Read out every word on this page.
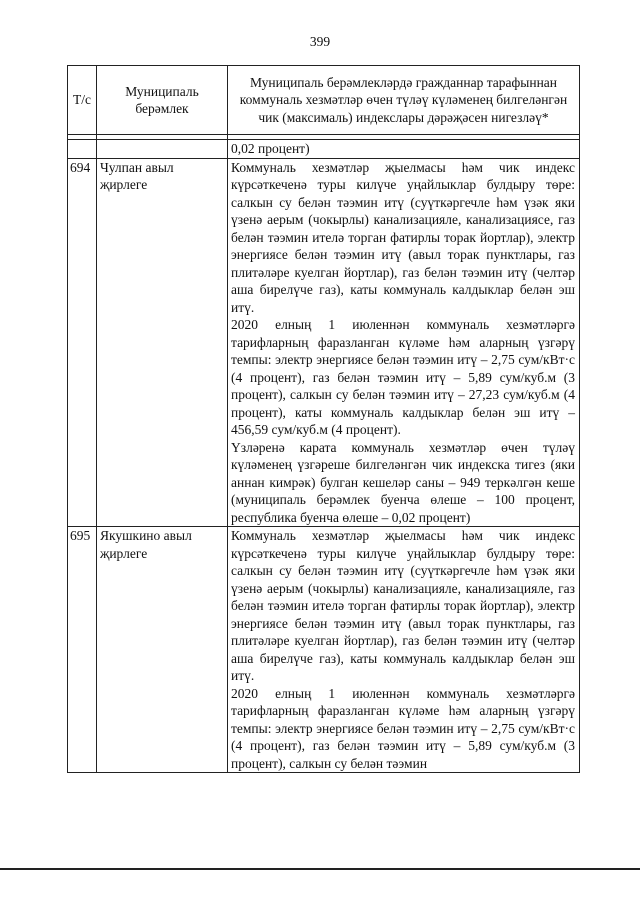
399
Т/с	Муниципаль берәмлек	Муниципаль берәмлекләрдә гражданнар тарафыннан коммуналь хезмәтләр өчен түләү күләменең билгеләнгән чик (максималь) индекслары дәрәҗәсен нигезләү*

		0,02 процент)
694	Чулпан авыл җирлеге	Коммуналь хезмәтләр җыелмасы һәм чик индекс күрсәткеченә туры килүче уңайлыклар булдыру төре: салкын су белән тәэмин итү (суүткәргечле һәм үзәк яки үзенә аерым (чокырлы) канализацияле, канализациясе, газ белән тәэмин ителә торган фатирлы торак йортлар), электр энергиясе белән тәэмин итү (авыл торак пунктлары, газ плитәләре куелган йортлар), газ белән тәэмин итү (челтәр аша бирелүче газ), каты коммуналь калдыклар белән эш итү.

2020 елның 1 июленнән коммуналь хезмәтләргә тарифларның фаразланган күләме һәм аларның үзгәрү темпы: электр энергиясе белән тәэмин итү – 2,75 сум/кВт·с (4 процент), газ белән тәэмин итү – 5,89 сум/куб.м (3 процент), салкын су белән тәэмин итү – 27,23 сум/куб.м (4 процент), каты коммуналь калдыклар белән эш итү – 456,59 сум/куб.м (4 процент).

Үзләренә карата коммуналь хезмәтләр өчен түләү күләменең үзгәреше билгеләнгән чик индекска тигез (яки аннан кимрәк) булган кешеләр саны – 949 теркәлгән кеше (муниципаль берәмлек буенча өлеше – 100 процент, республика буенча өлеше – 0,02 процент)

695	Якушкино авыл җирлеге	Коммуналь хезмәтләр җыелмасы һәм чик индекс күрсәткеченә туры килүче уңайлыклар булдыру төре: салкын су белән тәэмин итү (суүткәргечле һәм үзәк яки үзенә аерым (чокырлы) канализацияле, канализацияле, газ белән тәэмин ителә торган фатирлы торак йортлар), электр энергиясе белән тәэмин итү (авыл торак пунктлары, газ плитәләре куелган йортлар), газ белән тәэмин итү (челтәр аша бирелүче газ), каты коммуналь калдыклар белән эш итү.

2020 елның 1 июленнән коммуналь хезмәтләргә тарифларның фаразланган күләме һәм аларның үзгәрү темпы: электр энергиясе белән тәэмин итү – 2,75 сум/кВт·с (4 процент), газ белән тәэмин итү – 5,89 сум/куб.м (3 процент), салкын су белән тәэмин
